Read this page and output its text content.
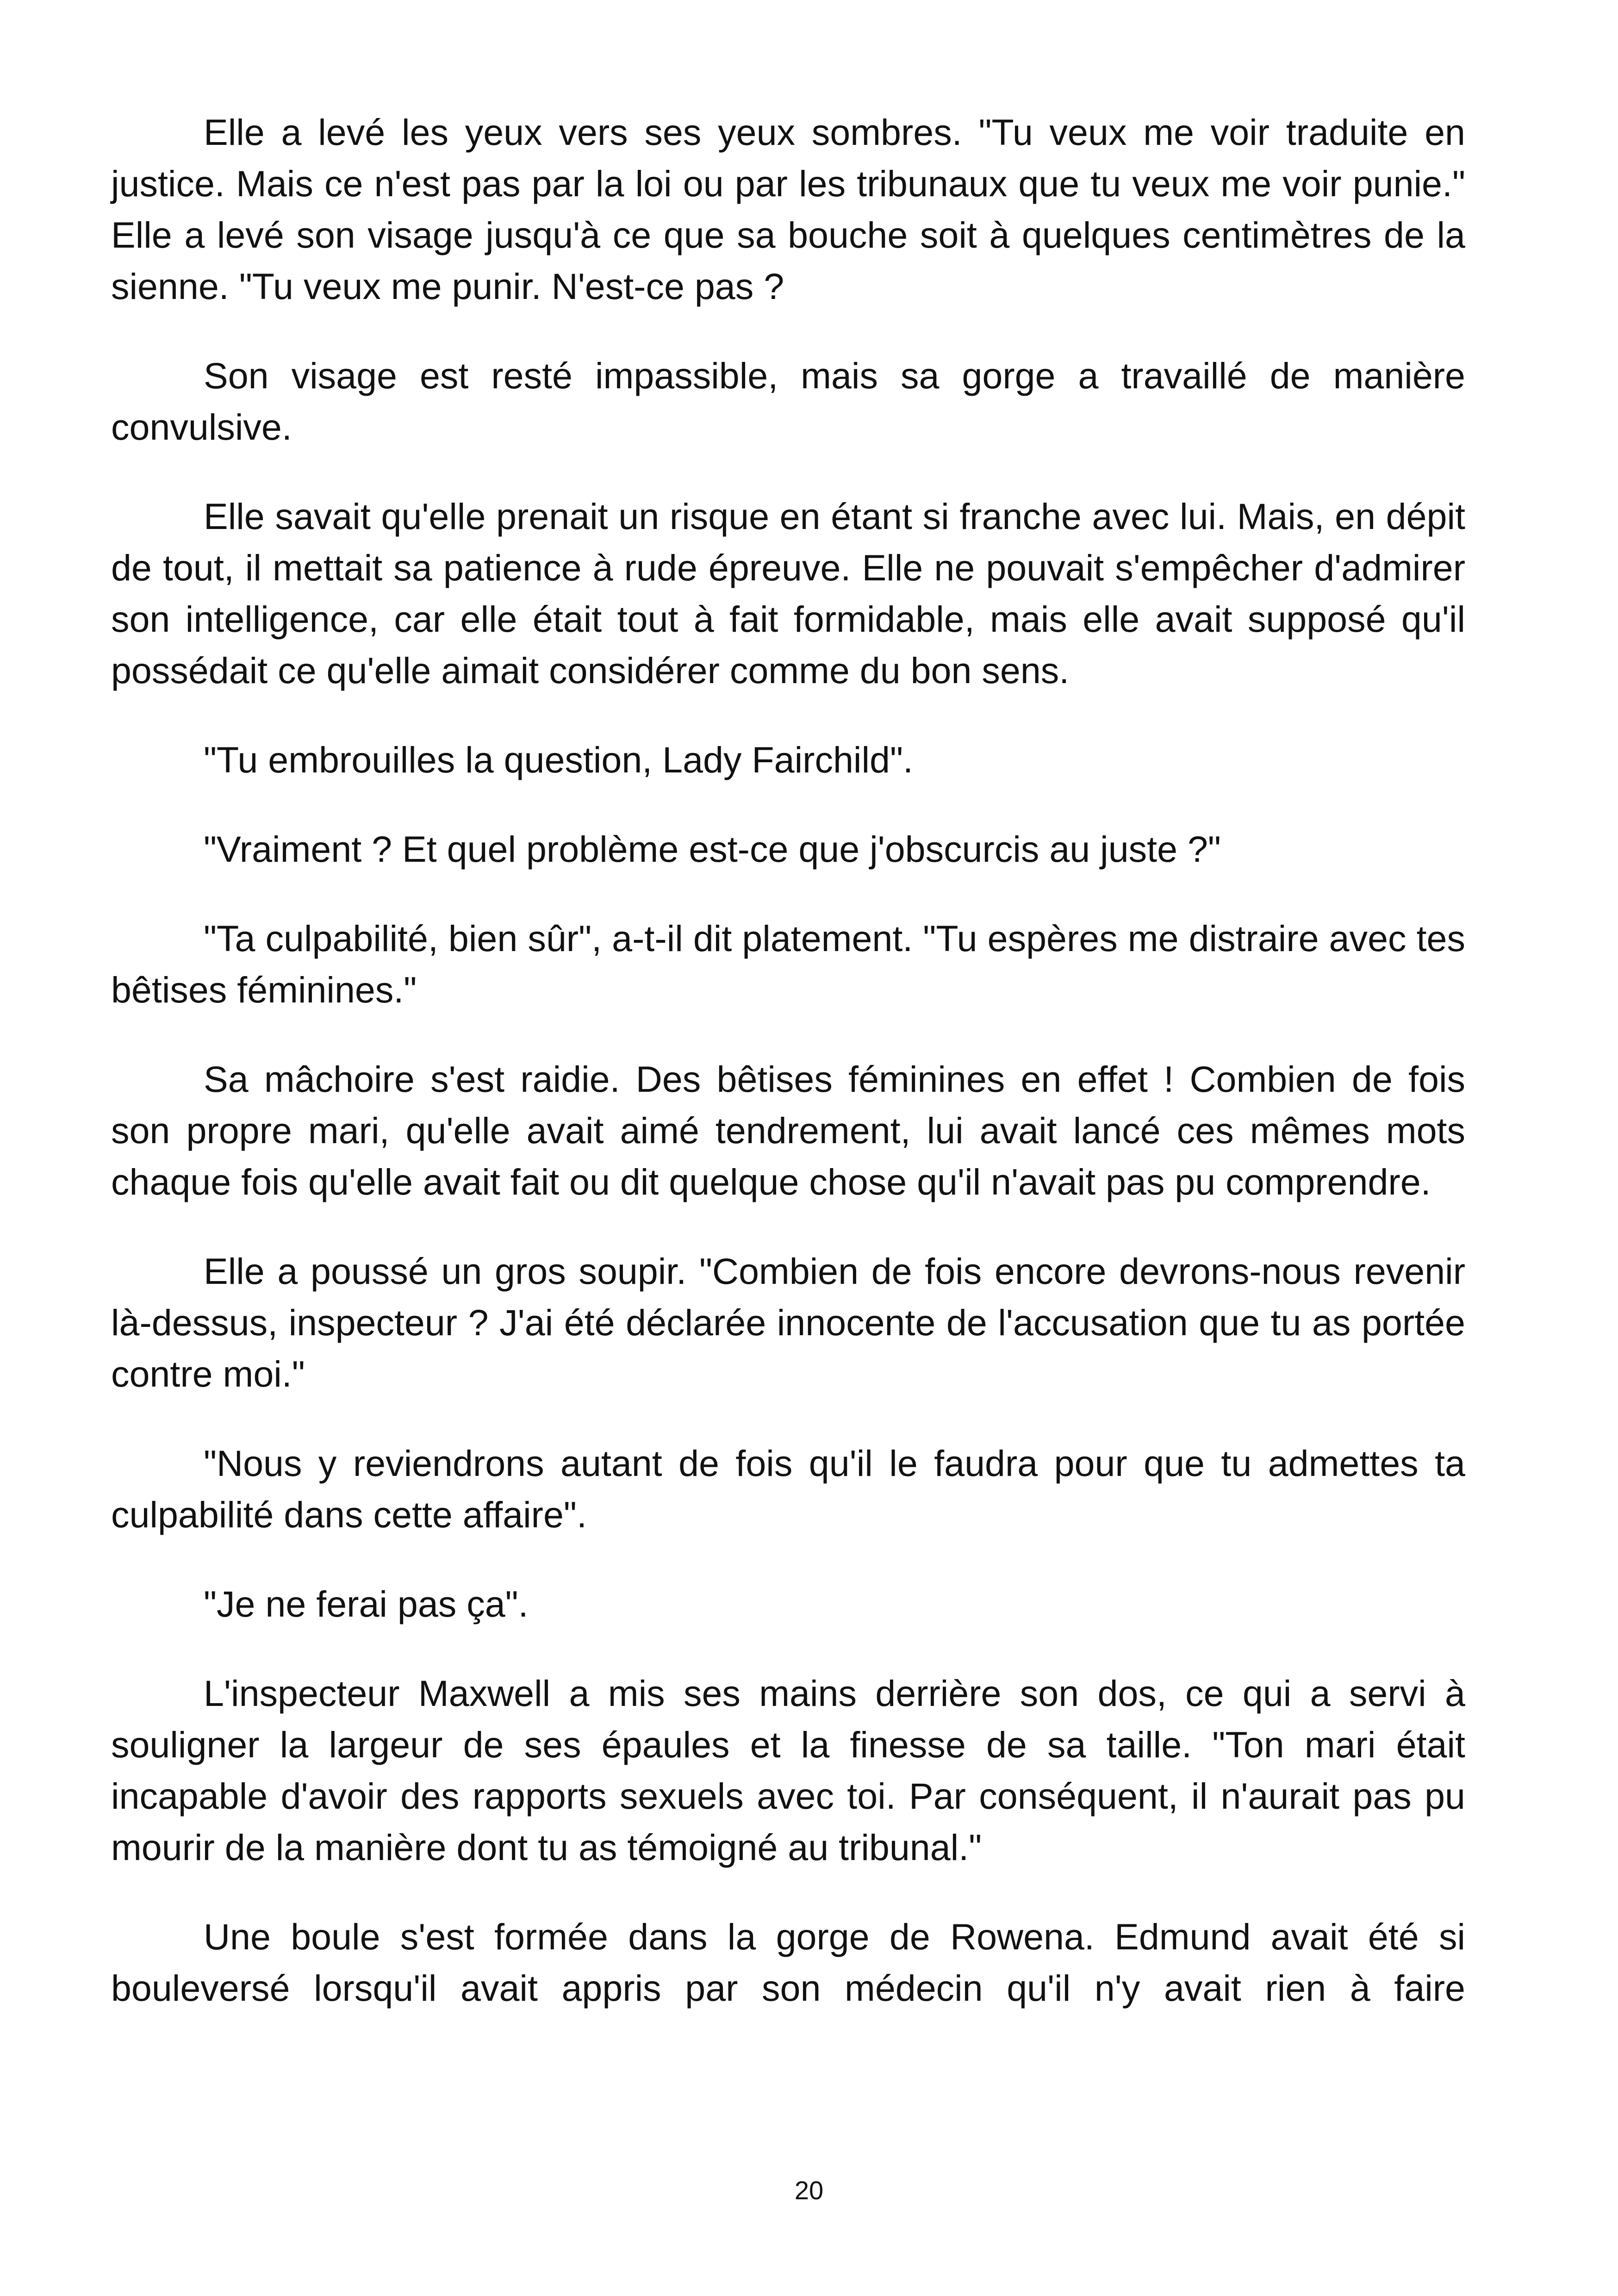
Elle a levé les yeux vers ses yeux sombres. "Tu veux me voir traduite en justice. Mais ce n'est pas par la loi ou par les tribunaux que tu veux me voir punie." Elle a levé son visage jusqu'à ce que sa bouche soit à quelques centimètres de la sienne. "Tu veux me punir. N'est-ce pas ?

Son visage est resté impassible, mais sa gorge a travaillé de manière convulsive.

Elle savait qu'elle prenait un risque en étant si franche avec lui. Mais, en dépit de tout, il mettait sa patience à rude épreuve. Elle ne pouvait s'empêcher d'admirer son intelligence, car elle était tout à fait formidable, mais elle avait supposé qu'il possédait ce qu'elle aimait considérer comme du bon sens.

"Tu embrouilles la question, Lady Fairchild".

"Vraiment ? Et quel problème est-ce que j'obscurcis au juste ?"

"Ta culpabilité, bien sûr", a-t-il dit platement. "Tu espères me distraire avec tes bêtises féminines."

Sa mâchoire s'est raidie. Des bêtises féminines en effet ! Combien de fois son propre mari, qu'elle avait aimé tendrement, lui avait lancé ces mêmes mots chaque fois qu'elle avait fait ou dit quelque chose qu'il n'avait pas pu comprendre.

Elle a poussé un gros soupir. "Combien de fois encore devrons-nous revenir là-dessus, inspecteur ? J'ai été déclarée innocente de l'accusation que tu as portée contre moi."

"Nous y reviendrons autant de fois qu'il le faudra pour que tu admettes ta culpabilité dans cette affaire".

"Je ne ferai pas ça".

L'inspecteur Maxwell a mis ses mains derrière son dos, ce qui a servi à souligner la largeur de ses épaules et la finesse de sa taille. "Ton mari était incapable d'avoir des rapports sexuels avec toi. Par conséquent, il n'aurait pas pu mourir de la manière dont tu as témoigné au tribunal."

Une boule s'est formée dans la gorge de Rowena. Edmund avait été si bouleversé lorsqu'il avait appris par son médecin qu'il n'y avait rien à faire

20
